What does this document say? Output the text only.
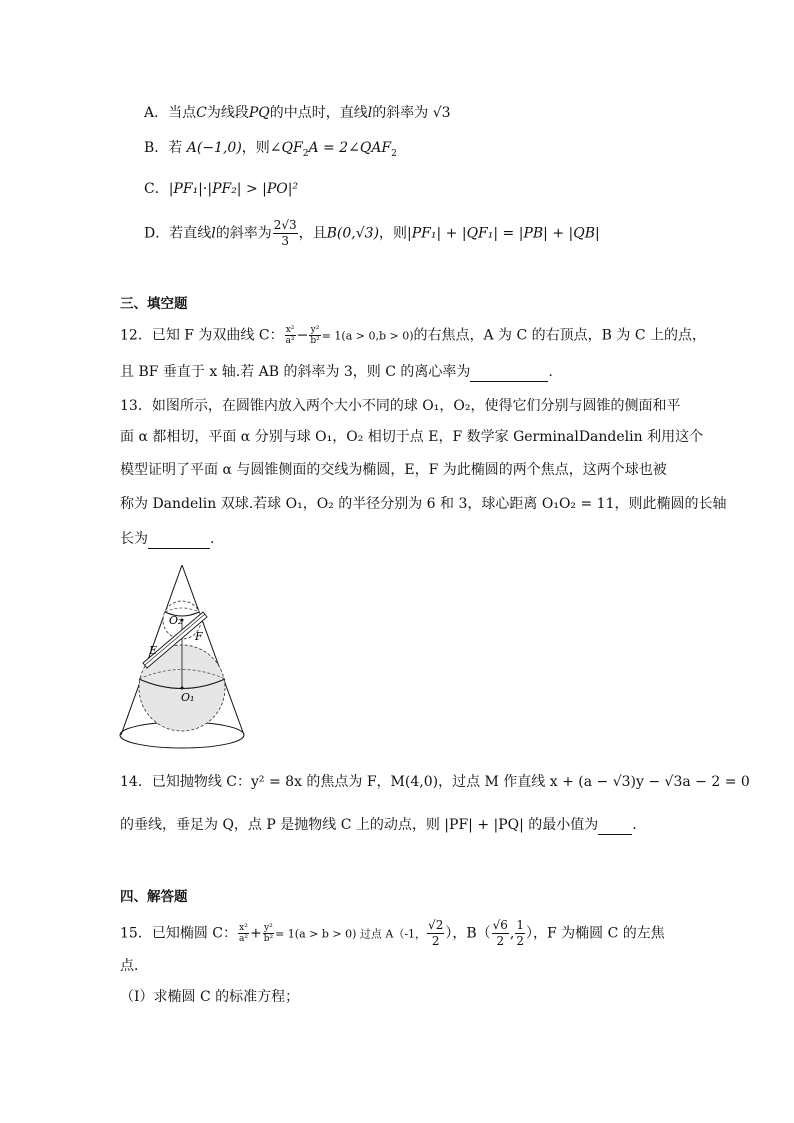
A．当点C为线段PQ的中点时，直线l的斜率为 √3
B．若 A(−1,0)，则$\angle QF_2A$ = $2\angle QAF_2$
C．|PF₁|·|PF₂| > |PO|²
D．若直线l的斜率为 $\frac{2√3}{3}$ ，且B(0,√3)，则|PF₁| + |QF₁| = |PB| + |QB|
三、填空题
12．已知 F 为双曲线 C： $\frac{\text{x²}}{\text{a²}} - \frac{\text{y²}}{\text{b²}} = 1(a > 0,b > 0)$的右焦点，A 为 C 的右顶点，B 为 C 上的点，
且 BF 垂直于 x 轴.若 AB 的斜率为 3，则 C 的离心率为	.
13．如图所示，在圆锥内放入两个大小不同的球 O₁，O₂，使得它们分别与圆锥的侧面和平
面 α 都相切，平面 α 分别与球 O₁，O₂ 相切于点 E，F 数学家 GerminalDandelin 利用这个
模型证明了平面 α 与圆锥侧面的交线为椭圆，E，F 为此椭圆的两个焦点，这两个球也被
称为 Dandelin 双球.若球 O₁，O₂ 的半径分别为 6 和 3，球心距离 O₁O₂ = 11，则此椭圆的长轴
长为	.
O₂
F
E
O₁
14．已知抛物线 C：y² = 8x 的焦点为 F，M(4,0)，过点 M 作直线 x + (a − √3)y − √3a − 2 = 0
的垂线，垂足为 Q，点 P 是抛物线 C 上的动点，则 |PF| + |PQ| 的最小值为 .
四、解答题
15．已知椭圆 C： $\frac{\text{x²}}{\text{a²}} + \frac{\text{y²}}{\text{b²}} = 1(a > b > 0)$ 过点 A（-1， $\frac{√2}{2}$ ），$B( \frac{√6}{2}$ , $\frac{1}{2}$ ），F 为椭圆 C 的左焦
点．
（Ⅰ）求椭圆 C 的标准方程；
